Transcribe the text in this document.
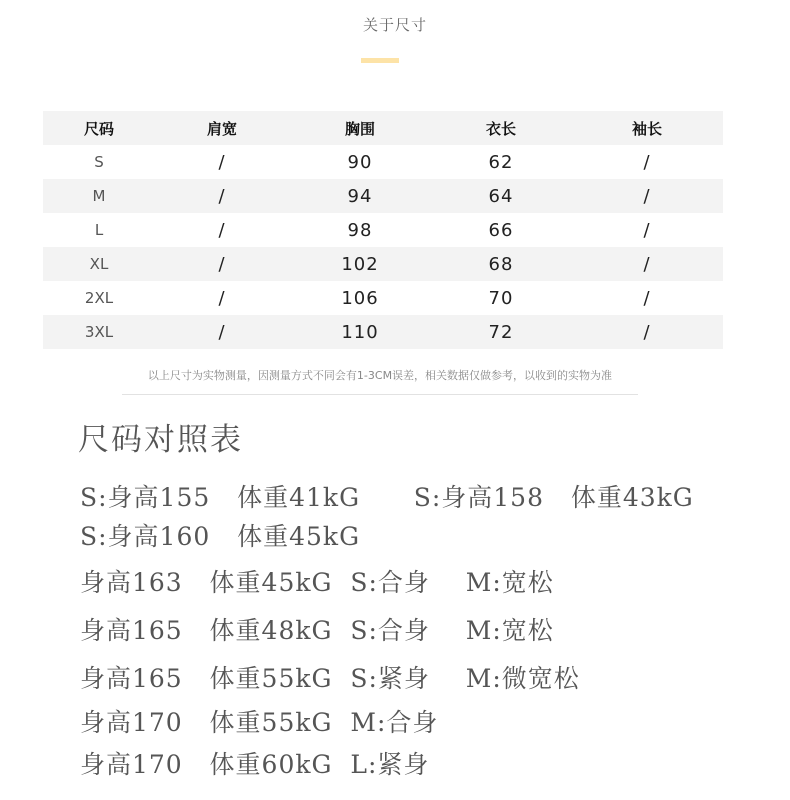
关于尺寸
尺码	肩宽	胸围	衣长	袖长
S	/	90	62	/
M	/	94	64	/
L	/	98	66	/
XL	/	102	68	/
2XL	/	106	70	/
3XL	/	110	72	/
以上尺寸为实物测量，因测量方式不同会有1-3CM误差，相关数据仅做参考，以收到的实物为准
尺码对照表
S:身高155   体重41kG      S:身高158   体重43kG
S:身高160   体重45kG
身高163   体重45kG  S:合身    M:宽松
身高165   体重48kG  S:合身    M:宽松
身高165   体重55kG  S:紧身    M:微宽松
身高170   体重55kG  M:合身
身高170   体重60kG  L:紧身
